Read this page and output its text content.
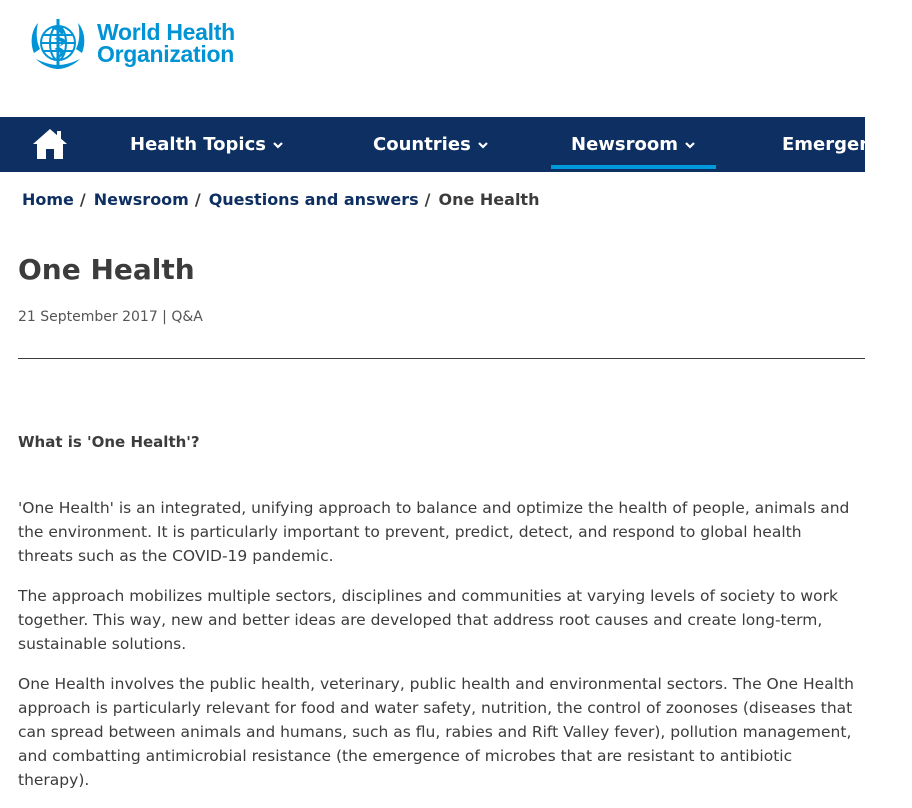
World Health
Organization
Health Topics	Countries	Newsroom	Emergencies
Home / Newsroom / Questions and answers / One Health
One Health
21 September 2017 | Q&A
What is 'One Health'?

'One Health' is an integrated, unifying approach to balance and optimize the health of people, animals and the environment. It is particularly important to prevent, predict, detect, and respond to global health threats such as the COVID-19 pandemic.

The approach mobilizes multiple sectors, disciplines and communities at varying levels of society to work together. This way, new and better ideas are developed that address root causes and create long-term, sustainable solutions.

One Health involves the public health, veterinary, public health and environmental sectors. The One Health approach is particularly relevant for food and water safety, nutrition, the control of zoonoses (diseases that can spread between animals and humans, such as flu, rabies and Rift Valley fever), pollution management, and combatting antimicrobial resistance (the emergence of microbes that are resistant to antibiotic therapy).
